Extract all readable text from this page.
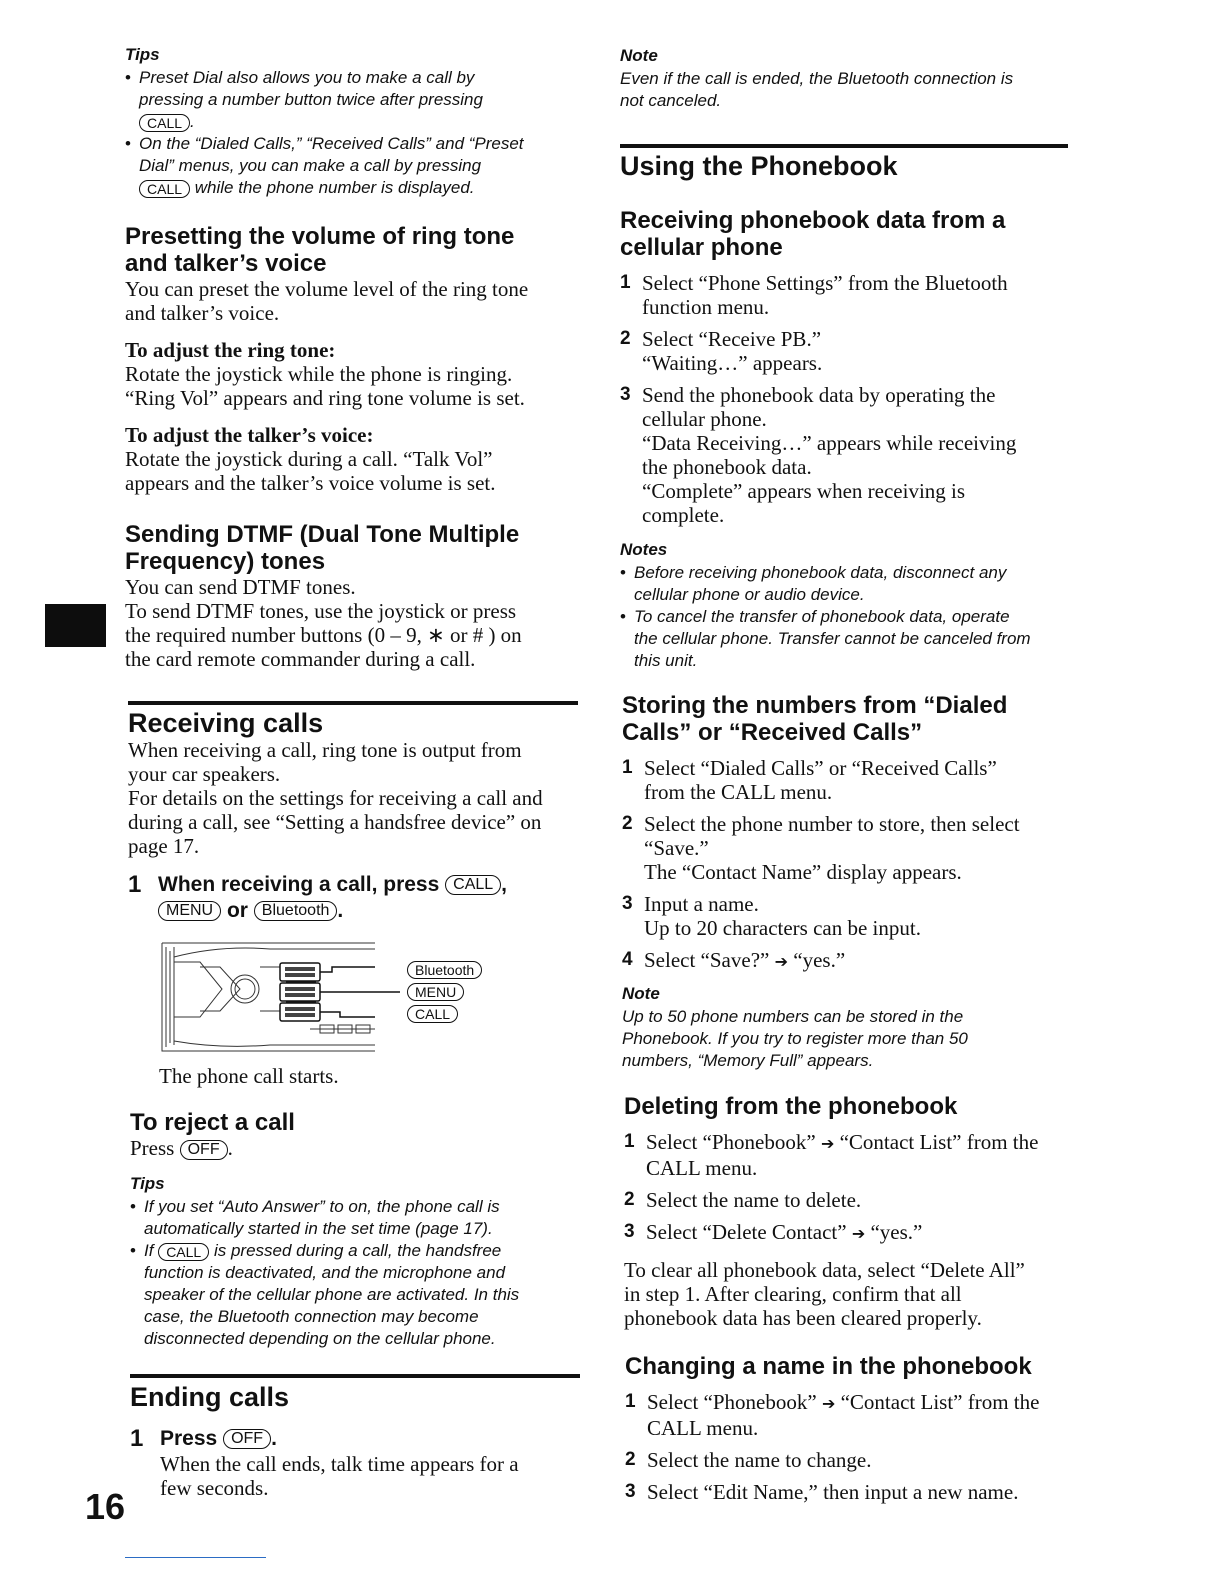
16
Tips
• Preset Dial also allows you to make a call by
pressing a number button twice after pressing
CALL .
• On the “Dialed Calls,” “Received Calls” and “Preset
Dial” menus, you can make a call by pressing
CALL while the phone number is displayed.
Presetting the volume of ring tone
and talker’s voice
You can preset the volume level of the ring tone
and talker’s voice.
To adjust the ring tone:
Rotate the joystick while the phone is ringing.
“Ring Vol” appears and ring tone volume is set.
To adjust the talker’s voice:
Rotate the joystick during a call. “Talk Vol”
appears and the talker’s voice volume is set.
Sending DTMF (Dual Tone Multiple
Frequency) tones
You can send DTMF tones.
To send DTMF tones, use the joystick or press
the required number buttons (0 – 9, ∗ or # ) on
the card remote commander during a call.
Receiving calls
When receiving a call, ring tone is output from
your car speakers.
For details on the settings for receiving a call and
during a call, see “Setting a handsfree device” on
page 17.
1 When receiving a call, press CALL ,
MENU or Bluetooth .
Bluetooth
MENU
CALL
The phone call starts.
To reject a call
Press OFF .
Tips
• If you set “Auto Answer” to on, the phone call is
automatically started in the set time (page 17).
• If CALL is pressed during a call, the handsfree
function is deactivated, and the microphone and
speaker of the cellular phone are activated. In this
case, the Bluetooth connection may become
disconnected depending on the cellular phone.
Ending calls
1 Press OFF .
When the call ends, talk time appears for a
few seconds.
Note
Even if the call is ended, the Bluetooth connection is
not canceled.
Using the Phonebook
Receiving phonebook data from a
cellular phone
1 Select “Phone Settings” from the Bluetooth
function menu.
2 Select “Receive PB.”
“Waiting…” appears.
3 Send the phonebook data by operating the
cellular phone.
“Data Receiving…” appears while receiving
the phonebook data.
“Complete” appears when receiving is
complete.
Notes
• Before receiving phonebook data, disconnect any
cellular phone or audio device.
• To cancel the transfer of phonebook data, operate
the cellular phone. Transfer cannot be canceled from
this unit.
Storing the numbers from “Dialed
Calls” or “Received Calls”
1 Select “Dialed Calls” or “Received Calls”
from the CALL menu.
2 Select the phone number to store, then select
“Save.”
The “Contact Name” display appears.
3 Input a name.
Up to 20 characters can be input.
4 Select “Save?” ➔ “yes.”
Note
Up to 50 phone numbers can be stored in the
Phonebook. If you try to register more than 50
numbers, “Memory Full” appears.
Deleting from the phonebook
1 Select “Phonebook” ➔ “Contact List” from the
CALL menu.
2 Select the name to delete.
3 Select “Delete Contact” ➔ “yes.”
To clear all phonebook data, select “Delete All”
in step 1. After clearing, confirm that all
phonebook data has been cleared properly.
Changing a name in the phonebook
1 Select “Phonebook” ➔ “Contact List” from the
CALL menu.
2 Select the name to change.
3 Select “Edit Name,” then input a new name.
